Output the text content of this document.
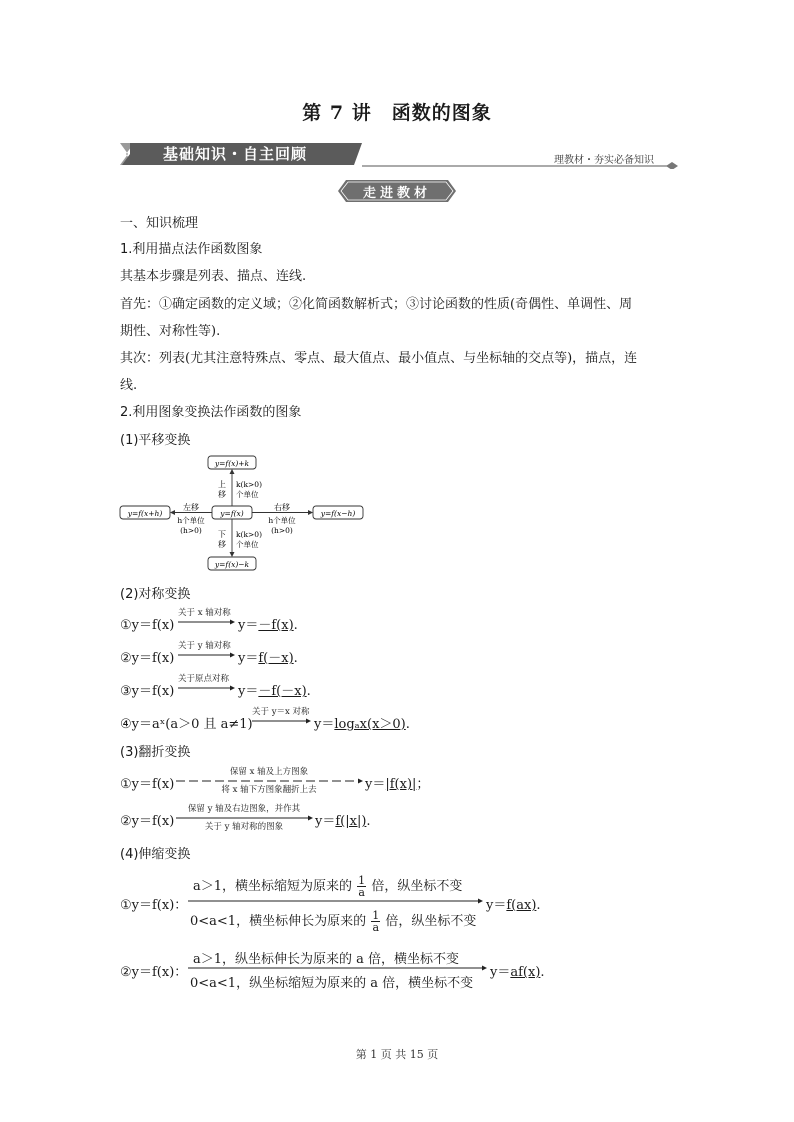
第 7 讲　函数的图象
基础知识・自主回顾	理教材・夯实必备知识
走进教材
一、知识梳理
1.利用描点法作函数图象
其基本步骤是列表、描点、连线.
首先：①确定函数的定义域；②化简函数解析式；③讨论函数的性质(奇偶性、单调性、周
期性、对称性等).
其次：列表(尤其注意特殊点、零点、最大值点、最小值点、与坐标轴的交点等)，描点，连
线.
2.利用图象变换法作函数的图象
(1)平移变换
y=f(x)+k
y=f(x)
y=f(x+h)	y=f(x−h)
y=f(x)−k
上
移
k(k>0)
个单位
下
移
k(k>0)
个单位
左移
h个单位
(h>0)
右移
h个单位
(h>0)
(2)对称变换
①y＝f(x)
关于 x 轴对称
y＝－f(x).
②y＝f(x)
关于 y 轴对称
y＝f(－x).
③y＝f(x)
关于原点对称
y＝－f(－x).
④y＝aˣ(a＞0 且 a≠1)
关于 y＝x 对称
y＝logₐx(x＞0).
(3)翻折变换
①y＝f(x)
保留 x 轴及上方图象
将 x 轴下方图象翻折上去	y＝|f(x)|；
②y＝f(x)
保留 y 轴及右边图象，并作其
关于 y 轴对称的图象	y＝f(|x|).
(4)伸缩变换
①y＝f(x)：
a＞1，横坐标缩短为原来的 $\frac{1}{a}$ 倍，纵坐标不变
0<a<1，横坐标伸长为原来的 $\frac{1}{a}$ 倍，纵坐标不变
y＝f(ax).
②y＝f(x)：
a＞1，纵坐标伸长为原来的 a 倍，横坐标不变
0<a<1，纵坐标缩短为原来的 a 倍，横坐标不变
y＝af(x).
第 1 页 共 15 页
